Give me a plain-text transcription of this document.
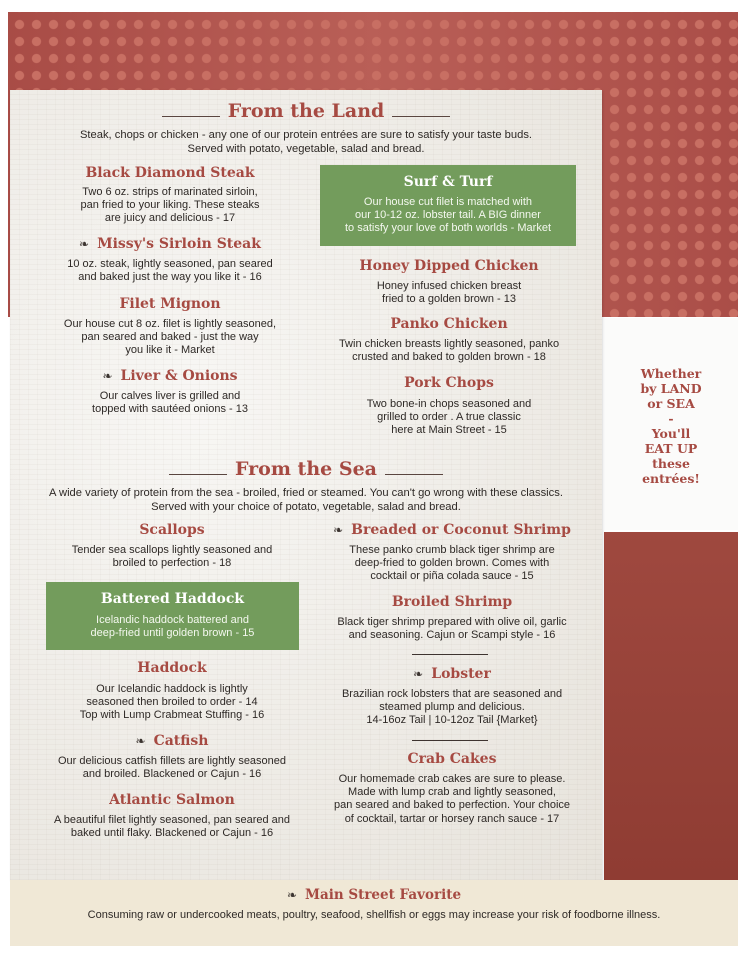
Whether
by LAND
or SEA
-
You'll
EAT UP
these
entrées!
From the Land
Steak, chops or chicken - any one of our protein entrées are sure to satisfy your taste buds.
Served with potato, vegetable, salad and bread.
Black Diamond Steak
Two 6 oz. strips of marinated sirloin,
pan fried to your liking. These steaks
are juicy and delicious - 17
❧ Missy's Sirloin Steak
10 oz. steak, lightly seasoned, pan seared
and baked just the way you like it - 16
Filet Mignon
Our house cut 8 oz. filet is lightly seasoned,
pan seared and baked - just the way
you like it - Market
❧ Liver & Onions
Our calves liver is grilled and
topped with sautéed onions - 13
Surf & Turf
Our house cut filet is matched with
our 10-12 oz. lobster tail. A BIG dinner
to satisfy your love of both worlds - Market
Honey Dipped Chicken
Honey infused chicken breast
fried to a golden brown - 13
Panko Chicken
Twin chicken breasts lightly seasoned, panko
crusted and baked to golden brown - 18
Pork Chops
Two bone-in chops seasoned and
grilled to order . A true classic
here at Main Street - 15
From the Sea
A wide variety of protein from the sea - broiled, fried or steamed. You can't go wrong with these classics.
Served with your choice of potato, vegetable, salad and bread.
Scallops
Tender sea scallops lightly seasoned and
broiled to perfection - 18
Battered Haddock
Icelandic haddock battered and
deep-fried until golden brown - 15
Haddock
Our Icelandic haddock is lightly
seasoned then broiled to order - 14
Top with Lump Crabmeat Stuffing - 16
❧ Catfish
Our delicious catfish fillets are lightly seasoned
and broiled. Blackened or Cajun - 16
Atlantic Salmon
A beautiful filet lightly seasoned, pan seared and
baked until flaky. Blackened or Cajun - 16
❧ Breaded or Coconut Shrimp
These panko crumb black tiger shrimp are
deep-fried to golden brown. Comes with
cocktail or piña colada sauce - 15
Broiled Shrimp
Black tiger shrimp prepared with olive oil, garlic
and seasoning. Cajun or Scampi style - 16
❧ Lobster
Brazilian rock lobsters that are seasoned and
steamed plump and delicious.
14-16oz Tail | 10-12oz Tail {Market}
Crab Cakes
Our homemade crab cakes are sure to please.
Made with lump crab and lightly seasoned,
pan seared and baked to perfection. Your choice
of cocktail, tartar or horsey ranch sauce - 17
❧ Main Street Favorite
Consuming raw or undercooked meats, poultry, seafood, shellfish or eggs may increase your risk of foodborne illness.
